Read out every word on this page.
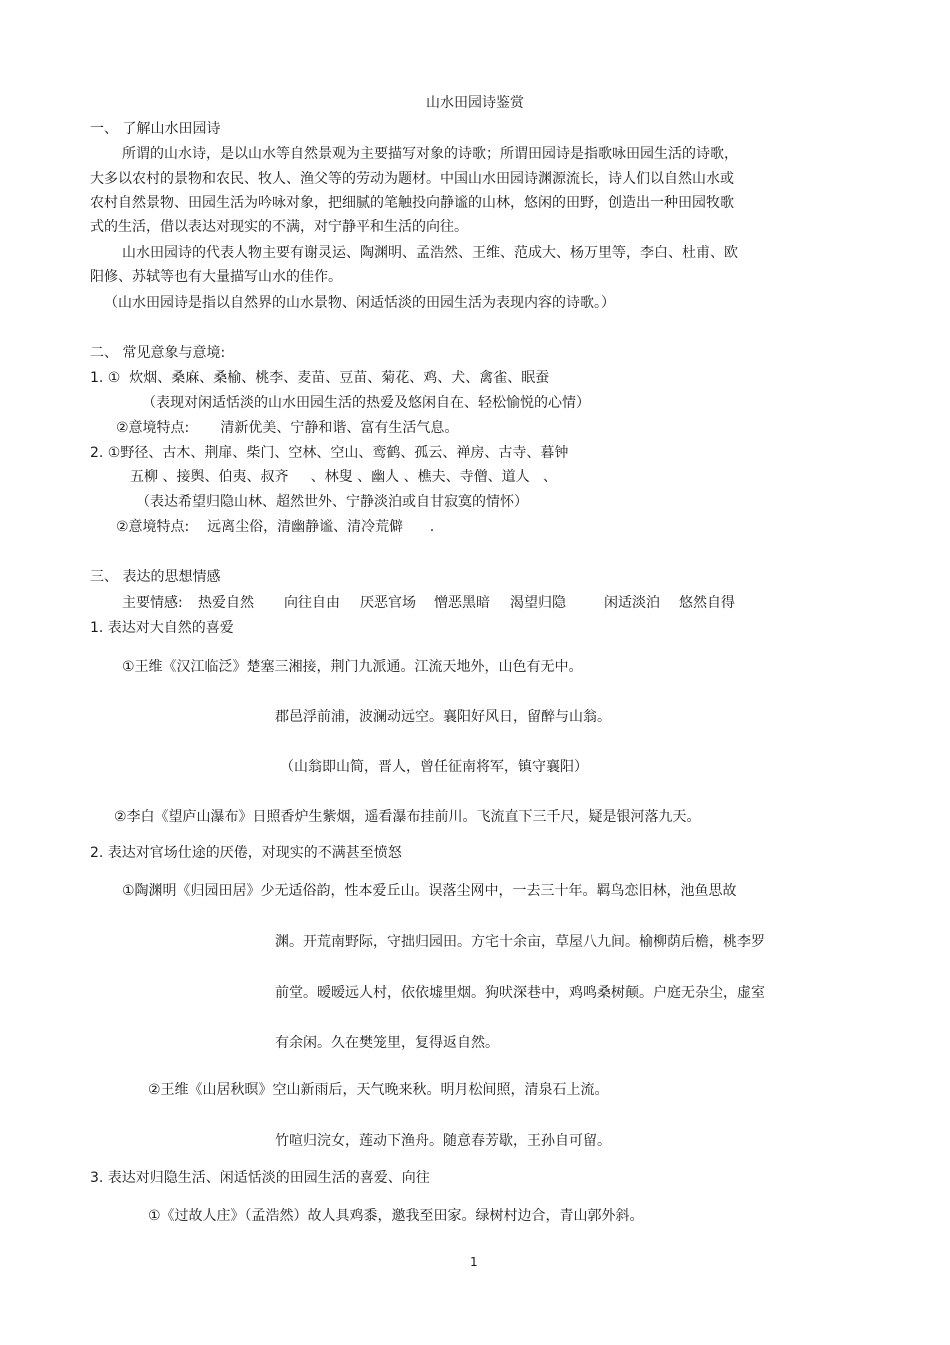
山水田园诗鉴赏
一、 了解山水田园诗
所谓的山水诗，是以山水等自然景观为主要描写对象的诗歌；所谓田园诗是指歌咏田园生活的诗歌，
大多以农村的景物和农民、牧人、渔父等的劳动为题材。中国山水田园诗渊源流长，诗人们以自然山水或
农村自然景物、田园生活为吟咏对象，把细腻的笔触投向静谧的山林，悠闲的田野，创造出一种田园牧歌
式的生活，借以表达对现实的不满，对宁静平和生活的向往。
山水田园诗的代表人物主要有谢灵运、陶渊明、孟浩然、王维、范成大、杨万里等，李白、杜甫、欧
阳修、苏轼等也有大量描写山水的佳作。
（山水田园诗是指以自然界的山水景物、闲适恬淡的田园生活为表现内容的诗歌。）
二、 常见意象与意境:
1. ①  炊烟、桑麻、桑榆、桃李、麦苗、豆苗、菊花、鸡、犬、禽雀、眠蚕
（表现对闲适恬淡的山水田园生活的热爱及悠闲自在、轻松愉悦的心情）
②意境特点:       清新优美、宁静和谐、富有生活气息。
2. ①野径、古木、荆扉、柴门、空林、空山、鸾鹤、孤云、禅房、古寺、暮钟
五柳 、接舆、伯夷、叔齐     、林叟 、幽人 、樵夫、寺僧、道人   、
（表达希望归隐山林、超然世外、宁静淡泊或自甘寂寞的情怀）
②意境特点:    远离尘俗，清幽静谧、清冷荒僻      .
三、 表达的思想情感
主要情感: 热爱自然 向往自由 厌恶官场 憎恶黑暗 渴望归隐	闲适淡泊 悠然自得
1. 表达对大自然的喜爱
①王维《汉江临泛》楚塞三湘接，荆门九派通。江流天地外，山色有无中。
郡邑浮前浦，波澜动远空。襄阳好风日，留醉与山翁。
（山翁即山简，晋人，曾任征南将军，镇守襄阳）
②李白《望庐山瀑布》日照香炉生紫烟，遥看瀑布挂前川。飞流直下三千尺，疑是银河落九天。
2. 表达对官场仕途的厌倦，对现实的不满甚至愤怒
①陶渊明《归园田居》少无适俗韵，性本爱丘山。误落尘网中，一去三十年。羁鸟恋旧林，池鱼思故
渊。开荒南野际，守拙归园田。方宅十余亩，草屋八九间。榆柳荫后檐，桃李罗
前堂。暧暧远人村，依依墟里烟。狗吠深巷中，鸡鸣桑树颠。户庭无杂尘，虚室
有余闲。久在樊笼里，复得返自然。
②王维《山居秋暝》空山新雨后，天气晚来秋。明月松间照，清泉石上流。
竹喧归浣女，莲动下渔舟。随意春芳歇，王孙自可留。
3. 表达对归隐生活、闲适恬淡的田园生活的喜爱、向往
①《过故人庄》（孟浩然）故人具鸡黍，邀我至田家。绿树村边合，青山郭外斜。
1
